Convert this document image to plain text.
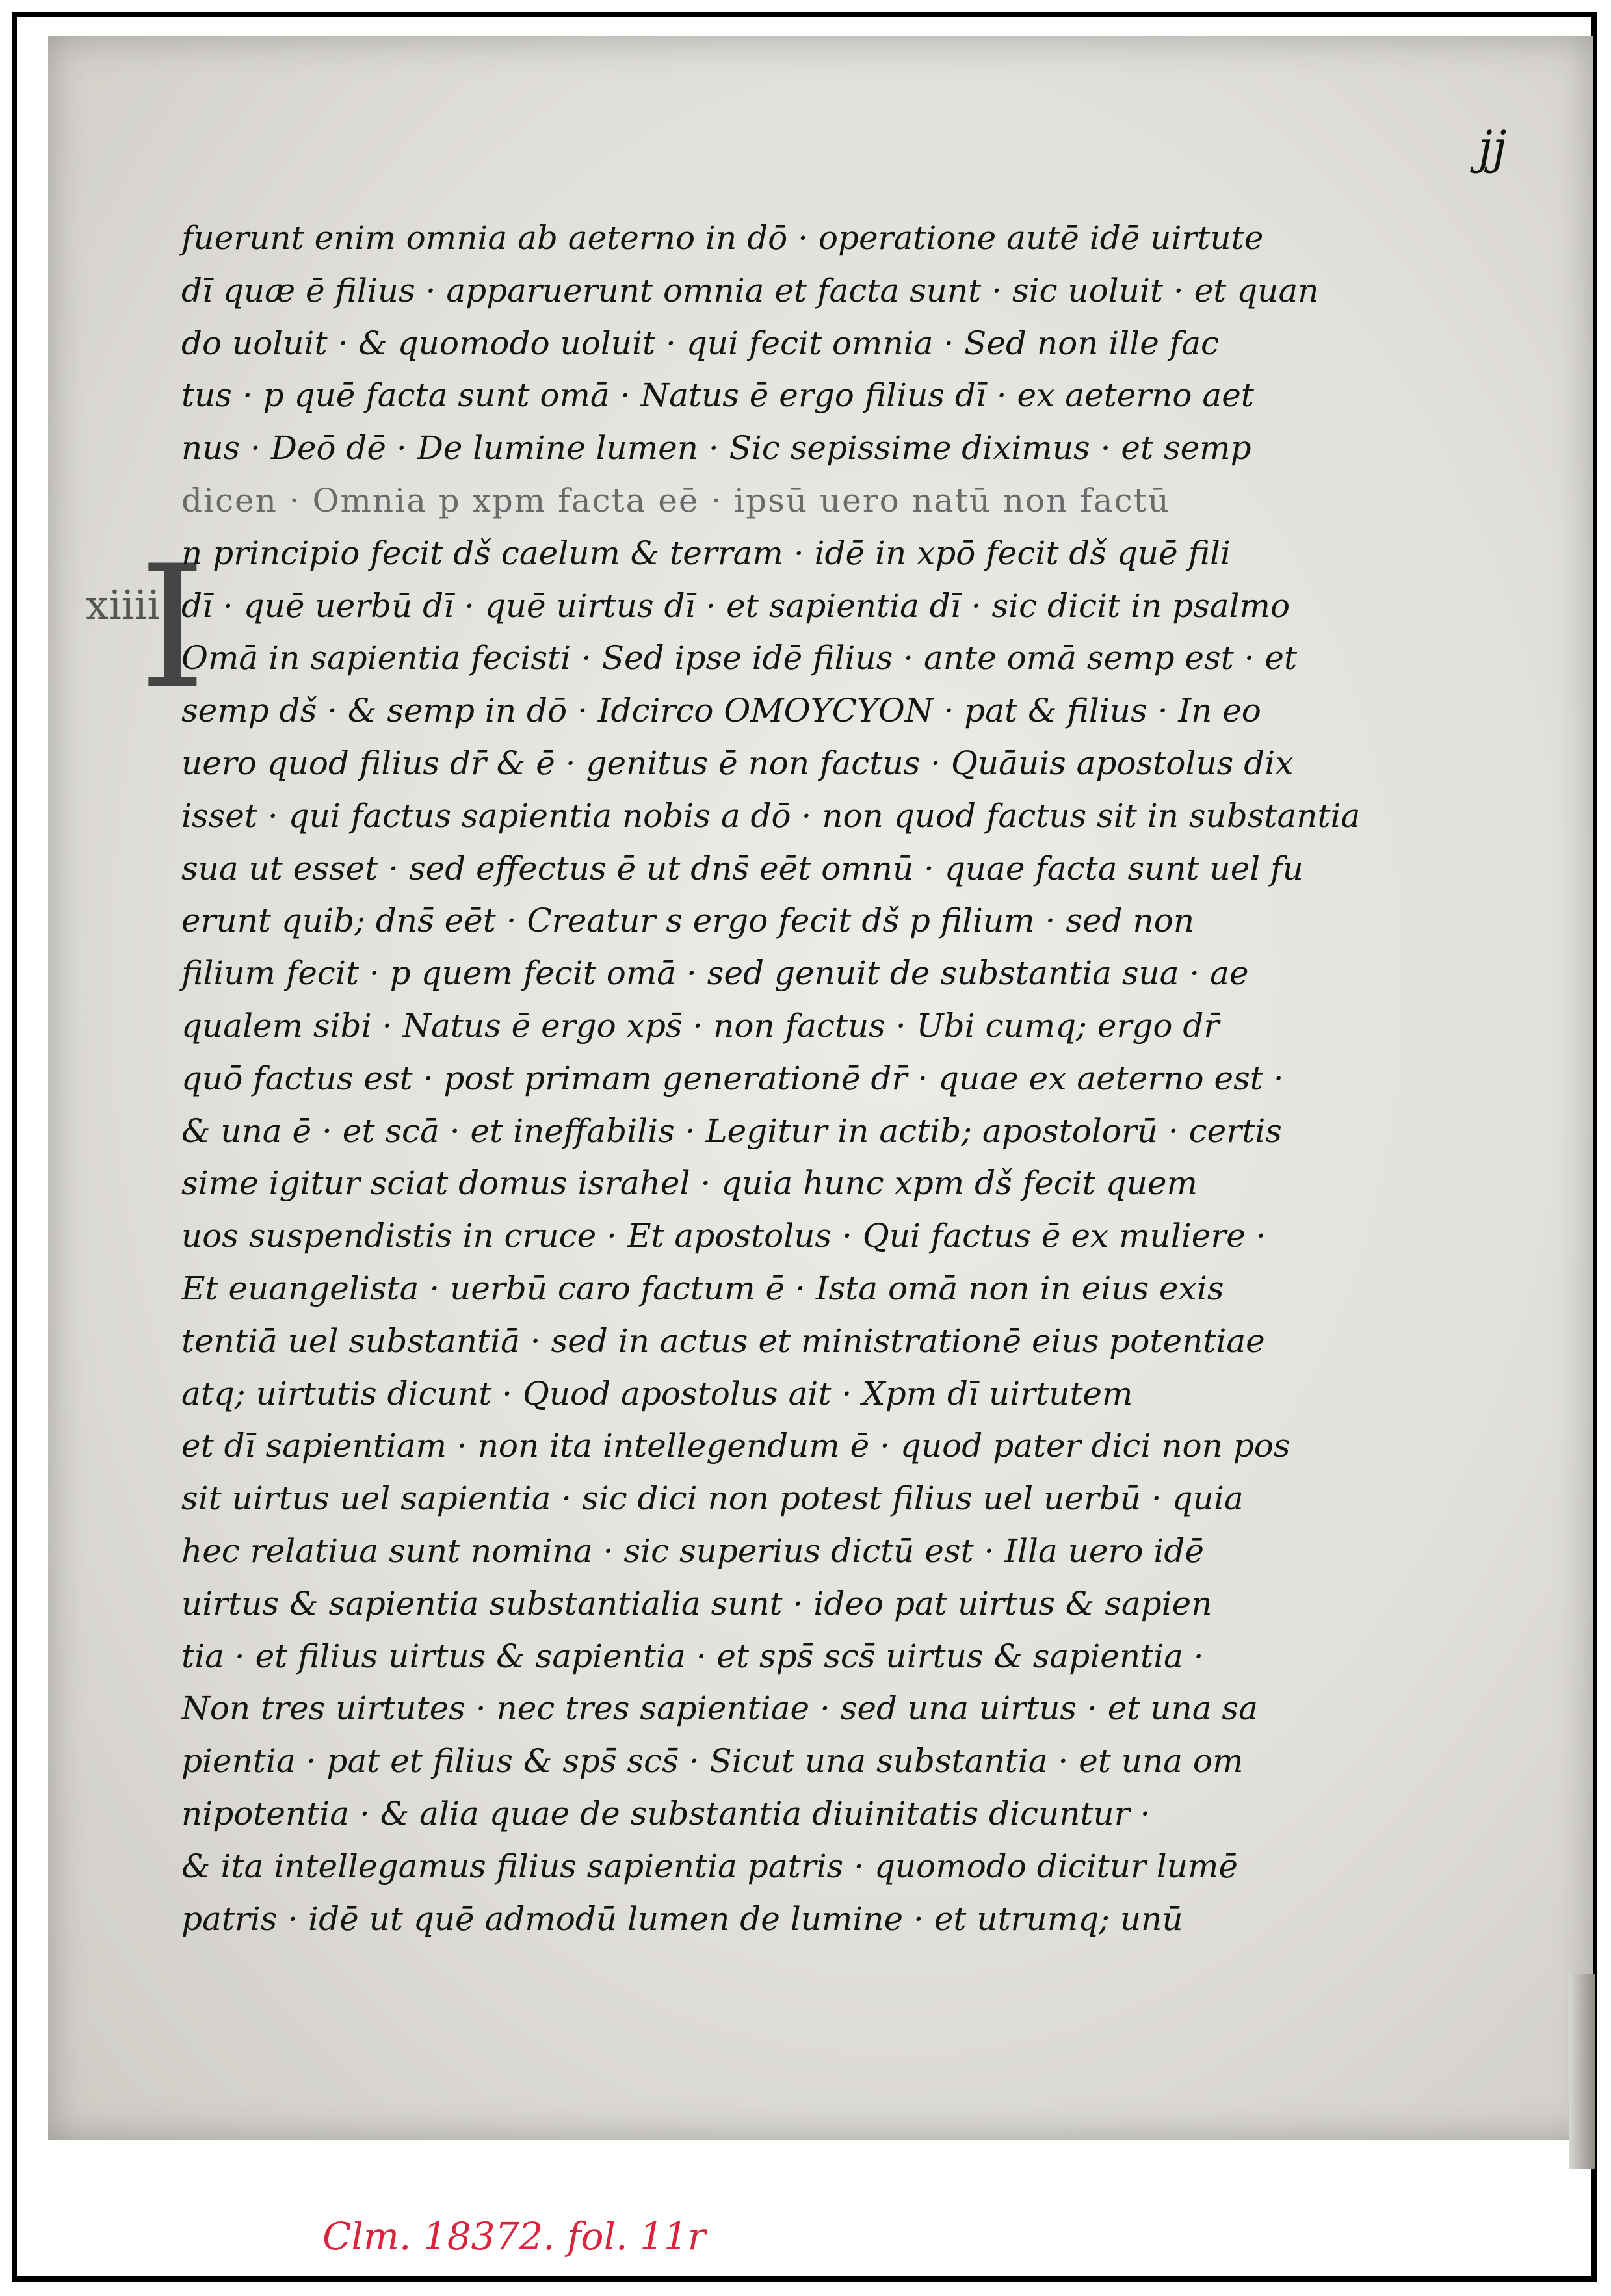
jj
xiiii
I
fuerunt enim omnia ab aeterno in dō · operatione autē idē uirtute
dī quæ ē filius · apparuerunt omnia et facta sunt · sic uoluit · et quan
do uoluit · & quomodo uoluit · qui fecit omnia · Sed non ille fac
tus · p quē facta sunt omā · Natus ē ergo filius dī · ex aeterno aet
nus · Deō dē · De lumine lumen · Sic sepissime diximus · et semp
dicen · Omnia p xpm facta eē · ipsū uero natū non factū
n principio fecit dš caelum & terram · idē in xpō fecit dš quē fili
dī · quē uerbū dī · quē uirtus dī · et sapientia dī · sic dicit in psalmo
Omā in sapientia fecisti · Sed ipse idē filius · ante omā semp est · et
semp dš · & semp in dō · Idcirco ΟΜΟΥCΥΟΝ · pat & filius · In eo
uero quod filius dr̄ & ē · genitus ē non factus · Quāuis apostolus dix
isset · qui factus sapientia nobis a dō · non quod factus sit in substantia
sua ut esset · sed effectus ē ut dns̄ eēt omnū · quae facta sunt uel fu
erunt quib; dns̄ eēt · Creatur s ergo fecit dš p filium · sed non
filium fecit · p quem fecit omā · sed genuit de substantia sua · ae
qualem sibi · Natus ē ergo xps̄ · non factus · Ubi cumq; ergo dr̄
quō factus est · post primam generationē dr̄ · quae ex aeterno est ·
& una ē · et scā · et ineffabilis · Legitur in actib; apostolorū · certis
sime igitur sciat domus israhel · quia hunc xpm dš fecit quem
uos suspendistis in cruce · Et apostolus · Qui factus ē ex muliere ·
Et euangelista · uerbū caro factum ē · Ista omā non in eius exis
tentiā uel substantiā · sed in actus et ministrationē eius potentiae
atq; uirtutis dicunt · Quod apostolus ait · Xpm dī uirtutem
et dī sapientiam · non ita intellegendum ē · quod pater dici non pos
sit uirtus uel sapientia · sic dici non potest filius uel uerbū · quia
hec relatiua sunt nomina · sic superius dictū est · Illa uero idē
uirtus & sapientia substantialia sunt · ideo pat uirtus & sapien
tia · et filius uirtus & sapientia · et sps̄ scs̄ uirtus & sapientia ·
Non tres uirtutes · nec tres sapientiae · sed una uirtus · et una sa
pientia · pat et filius & sps̄ scs̄ · Sicut una substantia · et una om
nipotentia · & alia quae de substantia diuinitatis dicuntur ·
& ita intellegamus filius sapientia patris · quomodo dicitur lumē
patris · idē ut quē admodū lumen de lumine · et utrumq; unū
Clm. 18372. fol. 11r
